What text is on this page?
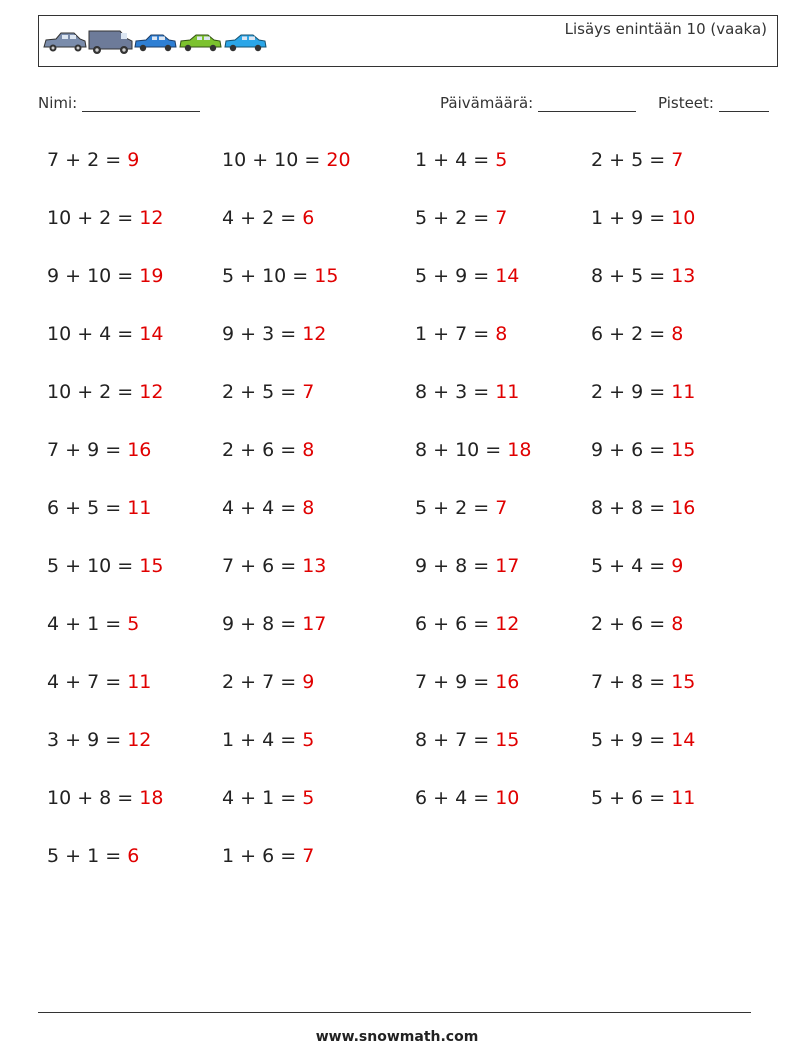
Lisäys enintään 10 (vaaka)
Nimi:	Päivämäärä:	Pisteet:
7 + 2 = 9	10 + 10 = 20	1 + 4 = 5	2 + 5 = 7
10 + 2 = 12	4 + 2 = 6	5 + 2 = 7	1 + 9 = 10
9 + 10 = 19	5 + 10 = 15	5 + 9 = 14	8 + 5 = 13
10 + 4 = 14	9 + 3 = 12	1 + 7 = 8	6 + 2 = 8
10 + 2 = 12	2 + 5 = 7	8 + 3 = 11	2 + 9 = 11
7 + 9 = 16	2 + 6 = 8	8 + 10 = 18	9 + 6 = 15
6 + 5 = 11	4 + 4 = 8	5 + 2 = 7	8 + 8 = 16
5 + 10 = 15	7 + 6 = 13	9 + 8 = 17	5 + 4 = 9
4 + 1 = 5	9 + 8 = 17	6 + 6 = 12	2 + 6 = 8
4 + 7 = 11	2 + 7 = 9	7 + 9 = 16	7 + 8 = 15
3 + 9 = 12	1 + 4 = 5	8 + 7 = 15	5 + 9 = 14
10 + 8 = 18	4 + 1 = 5	6 + 4 = 10	5 + 6 = 11
5 + 1 = 6	1 + 6 = 7
www.snowmath.com
